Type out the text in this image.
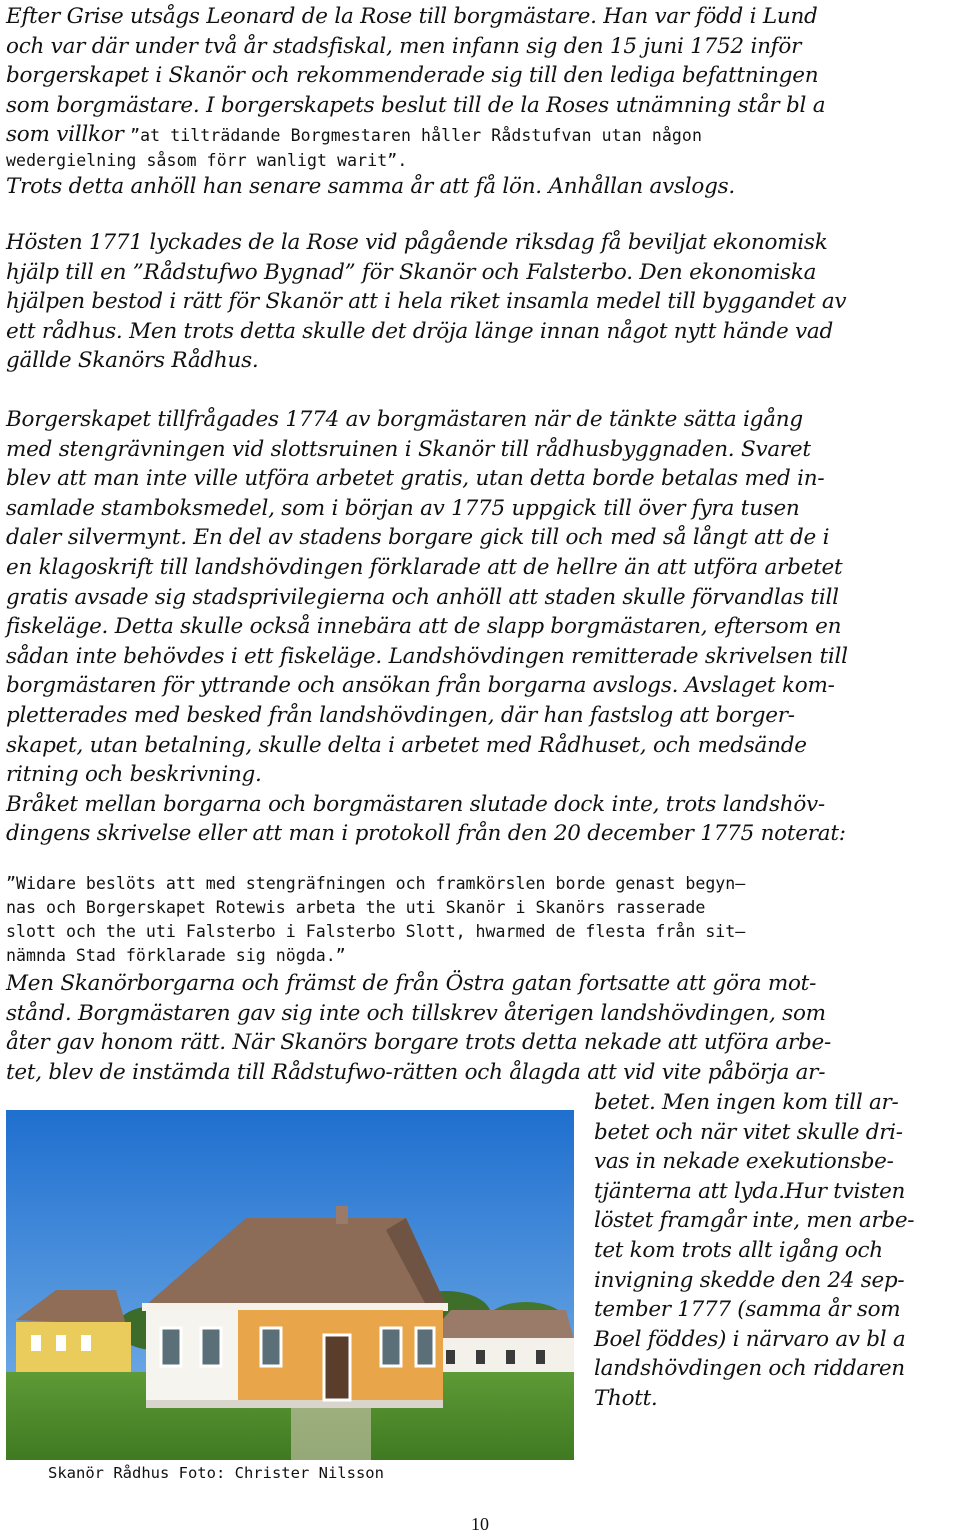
Efter Grise utsågs Leonard de la Rose till borgmästare. Han var född i Lund
och var där under två år stadsfiskal, men infann sig den 15 juni 1752 inför
borgerskapet i Skanör och rekommenderade sig till den lediga befattningen
som borgmästare. I borgerskapets beslut till de la Roses utnämning står bl a
som villkor ”at tilträdande Borgmestaren håller Rådstufvan utan någon
wedergielning såsom förr wanligt warit”.
Trots detta anhöll han senare samma år att få lön. Anhållan avslogs.
Hösten 1771 lyckades de la Rose vid pågående riksdag få beviljat ekonomisk
hjälp till en ”Rådstufwo Bygnad” för Skanör och Falsterbo. Den ekonomiska
hjälpen bestod i rätt för Skanör att i hela riket insamla medel till byggandet av
ett rådhus. Men trots detta skulle det dröja länge innan något nytt hände vad
gällde Skanörs Rådhus.
Borgerskapet tillfrågades 1774 av borgmästaren när de tänkte sätta igång
med stengrävningen vid slottsruinen i Skanör till rådhusbyggnaden. Svaret
blev att man inte ville utföra arbetet gratis, utan detta borde betalas med in-
samlade stamboksmedel, som i början av 1775 uppgick till över fyra tusen
daler silvermynt. En del av stadens borgare gick till och med så långt att de i
en klagoskrift till landshövdingen förklarade att de hellre än att utföra arbetet
gratis avsade sig stadsprivilegierna och anhöll att staden skulle förvandlas till
fiskeläge. Detta skulle också innebära att de slapp borgmästaren, eftersom en
sådan inte behövdes i ett fiskeläge. Landshövdingen remitterade skrivelsen till
borgmästaren för yttrande och ansökan från borgarna avslogs. Avslaget kom-
pletterades med besked från landshövdingen, där han fastslog att borger-
skapet, utan betalning, skulle delta i arbetet med Rådhuset, och medsände
ritning och beskrivning.
Bråket mellan borgarna och borgmästaren slutade dock inte, trots landshöv-
dingens skrivelse eller att man i protokoll från den 20 december 1775 noterat:
”Widare beslöts att med stengräfningen och framkörslen borde genast begyn–
nas och Borgerskapet Rotewis arbeta the uti Skanör i Skanörs rasserade
slott och the uti Falsterbo i Falsterbo Slott, hwarmed de flesta från sit–
nämnda Stad förklarade sig nögda.”
Men Skanörborgarna och främst de från Östra gatan fortsatte att göra mot-
stånd. Borgmästaren gav sig inte och tillskrev återigen landshövdingen, som
åter gav honom rätt. När Skanörs borgare trots detta nekade att utföra arbe-
tet, blev de instämda till Rådstufwo-rätten och ålagda att vid vite påbörja ar-
betet. Men ingen kom till ar-
betet och när vitet skulle dri-
vas in nekade exekutionsbe-
tjänterna att lyda.Hur tvisten
löstet framgår inte, men arbe-
tet kom trots allt igång och
invigning skedde den 24 sep-
tember 1777 (samma år som
Boel föddes) i närvaro av bl a
landshövdingen och riddaren
Thott.
Skanör Rådhus Foto: Christer Nilsson
10
